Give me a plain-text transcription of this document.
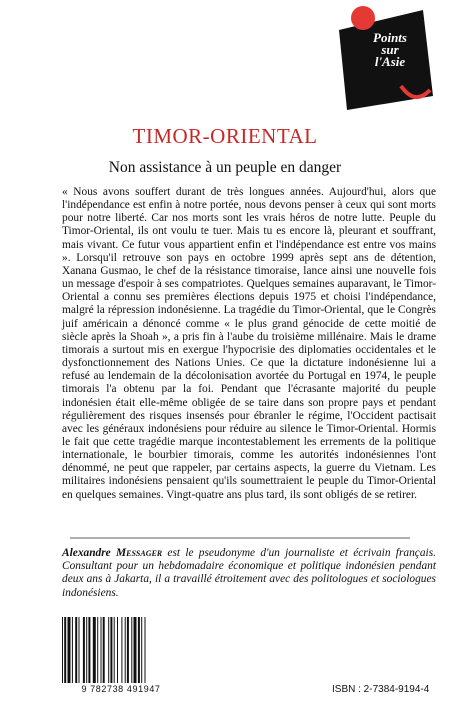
Points
sur
l'Asie
TIMOR-ORIENTAL
Non assistance à un peuple en danger

« Nous avons souffert durant de très longues années. Aujourd'hui, alors que l'indépendance est enfin à notre portée, nous devons penser à ceux qui sont morts pour notre liberté. Car nos morts sont les vrais héros de notre lutte. Peuple du Timor-Oriental, ils ont voulu te tuer. Mais tu es encore là, pleurant et souffrant, mais vivant. Ce futur vous appartient enfin et l'indépendance est entre vos mains ». Lorsqu'il retrouve son pays en octobre 1999 après sept ans de détention, Xanana Gusmao, le chef de la résistance timoraise, lance ainsi une nouvelle fois un message d'espoir à ses compatriotes. Quelques semaines auparavant, le Timor-Oriental a connu ses premières élections depuis 1975 et choisi l'indépendance, malgré la répression indonésienne. La tragédie du Timor-Oriental, que le Congrès juif américain a dénoncé comme « le plus grand génocide de cette moitié de siècle après la Shoah », a pris fin à l'aube du troisième millénaire. Mais le drame timorais a surtout mis en exergue l'hypocrisie des diplomaties occidentales et le dysfonctionnement des Nations Unies. Ce que la dictature indonésienne lui a refusé au lendemain de la décolonisation avortée du Portugal en 1974, le peuple timorais l'a obtenu par la foi. Pendant que l'écrasante majorité du peuple indonésien était elle-même obligée de se taire dans son propre pays et pendant régulièrement des risques insensés pour ébranler le régime, l'Occident pactisait avec les généraux indonésiens pour réduire au silence le Timor-Oriental. Hormis le fait que cette tragédie marque incontestablement les errements de la politique internationale, le bourbier timorais, comme les autorités indonésiennes l'ont dénommé, ne peut que rappeler, par certains aspects, la guerre du Vietnam. Les militaires indonésiens pensaient qu'ils soumettraient le peuple du Timor-Oriental en quelques semaines. Vingt-quatre ans plus tard, ils sont obligés de se retirer.

Alexandre Messager est le pseudonyme d'un journaliste et écrivain français. Consultant pour un hebdomadaire économique et politique indonésien pendant deux ans à Jakarta, il a travaillé étroitement avec des politologues et sociologues indonésiens.

9 782738 491947	ISBN : 2-7384-9194-4
